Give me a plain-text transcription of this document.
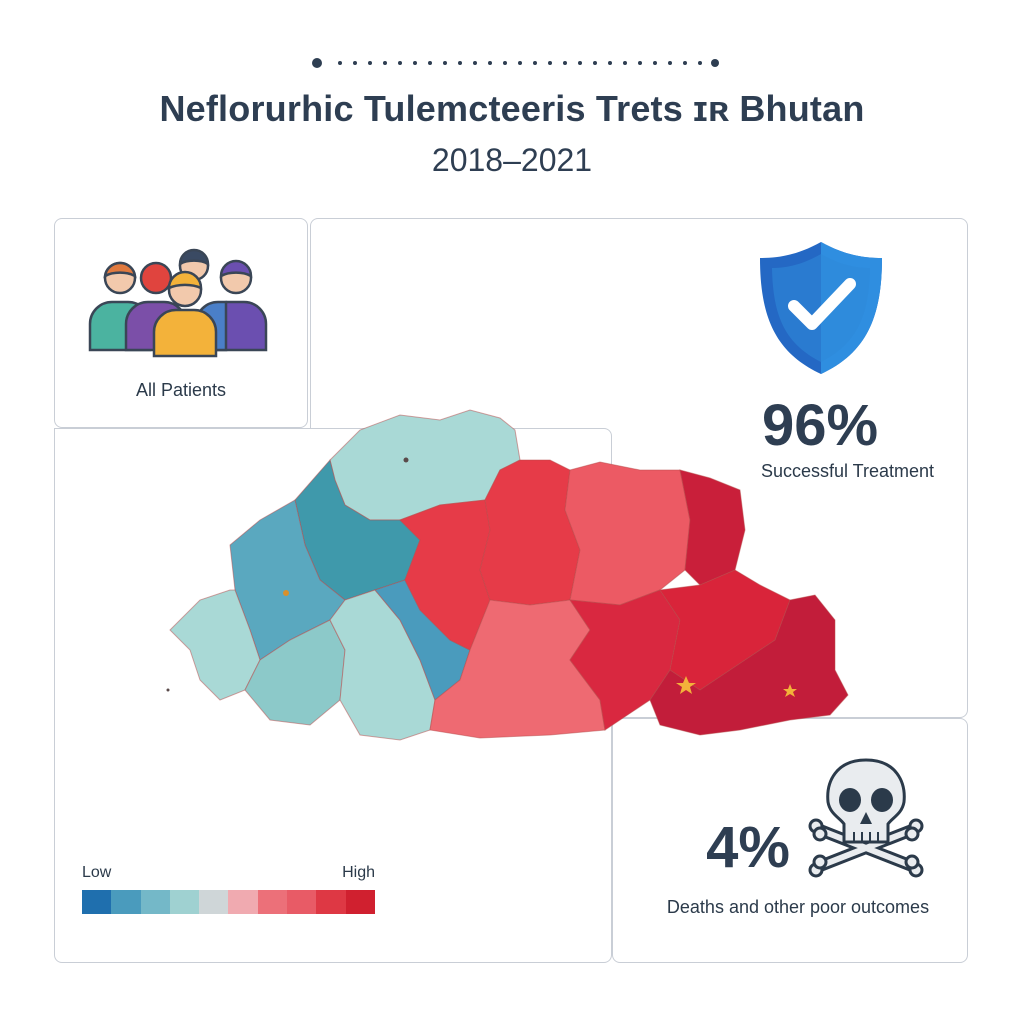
Neflorurhic Tulemcteeris Trets ɪʀ Bhutan
2018–2021
All Patients
96%
Successful Treatment
Low	High	4%
Deaths and other poor outcomes
